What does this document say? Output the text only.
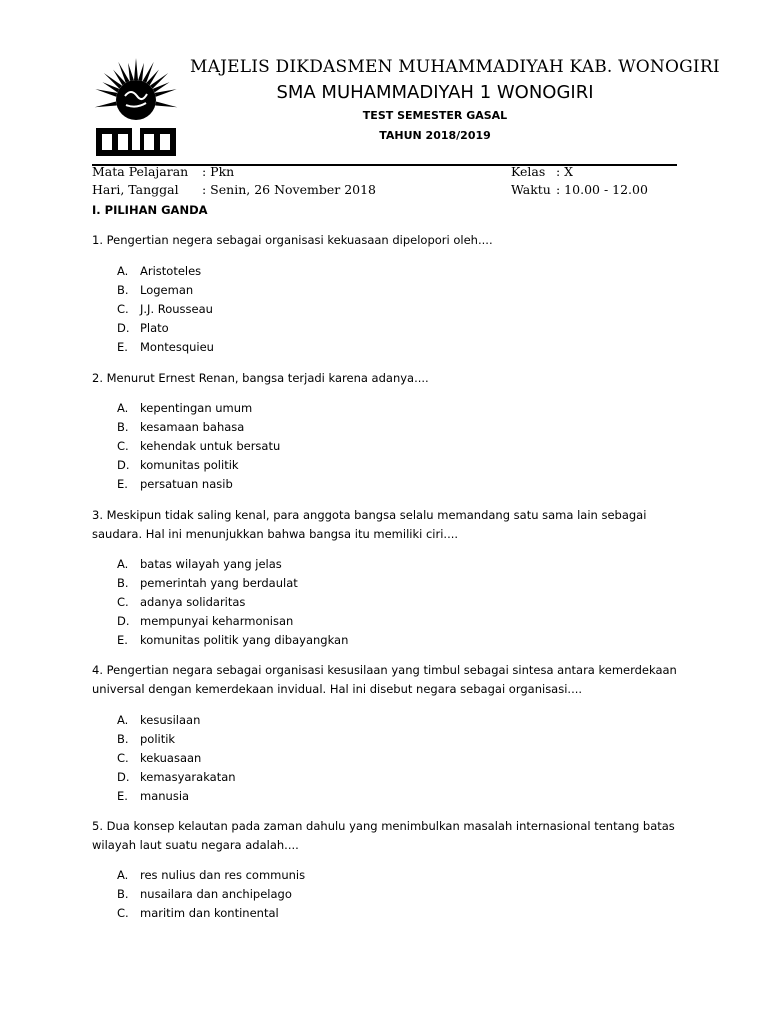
MAJELIS DIKDASMEN MUHAMMADIYAH KAB. WONOGIRI
SMA MUHAMMADIYAH 1 WONOGIRI
TEST SEMESTER GASAL
TAHUN 2018/2019
Mata Pelajaran : Pkn
Hari, Tanggal : Senin, 26 November 2018
Kelas : X
Waktu : 10.00 - 12.00
I. PILIHAN GANDA
1. Pengertian negera sebagai organisasi kekuasaan dipelopori oleh....
A. Aristoteles
B. Logeman
C. J.J. Rousseau
D. Plato
E. Montesquieu
2. Menurut Ernest Renan, bangsa terjadi karena adanya....
A. kepentingan umum
B. kesamaan bahasa
C. kehendak untuk bersatu
D. komunitas politik
E. persatuan nasib
3. Meskipun tidak saling kenal, para anggota bangsa selalu memandang satu sama lain sebagai
saudara. Hal ini menunjukkan bahwa bangsa itu memiliki ciri....
A. batas wilayah yang jelas
B. pemerintah yang berdaulat
C. adanya solidaritas
D. mempunyai keharmonisan
E. komunitas politik yang dibayangkan
4. Pengertian negara sebagai organisasi kesusilaan yang timbul sebagai sintesa antara kemerdekaan
universal dengan kemerdekaan invidual. Hal ini disebut negara sebagai organisasi....
A. kesusilaan
B. politik
C. kekuasaan
D. kemasyarakatan
E. manusia
5. Dua konsep kelautan pada zaman dahulu yang menimbulkan masalah internasional tentang batas
wilayah laut suatu negara adalah....
A. res nulius dan res communis
B. nusailara dan anchipelago
C. maritim dan kontinental
